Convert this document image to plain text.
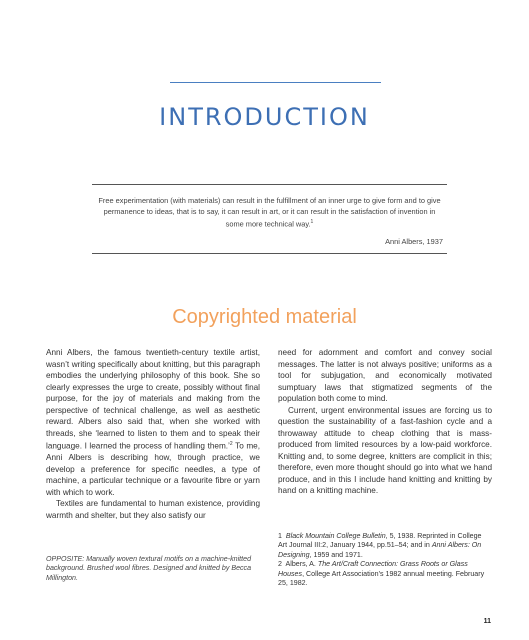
INTRODUCTION
Free experimentation (with materials) can result in the fulfillment of an inner urge to give form and to give permanence to ideas, that is to say, it can result in art, or it can result in the satisfaction of invention in some more technical way.$^1$
Anni Albers, 1937
Copyrighted material

Anni Albers, the famous twentieth-century textile artist, wasn’t writing specifically about knitting, but this paragraph embodies the underlying philosophy of this book. She so clearly expresses the urge to create, possibly without final purpose, for the joy of materials and making from the perspective of technical challenge, as well as aesthetic reward. Albers also said that, when she worked with threads, she ‘learned to listen to them and to speak their language. I learned the process of handling them.’$^2$ To me, Anni Albers is describing how, through practice, we develop a preference for specific needles, a type of machine, a particular technique or a favourite fibre or yarn with which to work.

Textiles are fundamental to human existence, providing warmth and shelter, but they also satisfy our

need for adornment and comfort and convey social messages. The latter is not always positive; uniforms as a tool for subjugation, and economically motivated sumptuary laws that stigmatized segments of the population both come to mind.

Current, urgent environmental issues are forcing us to question the sustainability of a fast-fashion cycle and a throwaway attitude to cheap clothing that is mass-produced from limited resources by a low-paid workforce. Knitting and, to some degree, knitters are complicit in this; therefore, even more thought should go into what we hand produce, and in this I include hand knitting and knitting by hand on a knitting machine.

OPPOSITE: Manually woven textural motifs on a machine-knitted background. Brushed wool fibres. Designed and knitted by Becca Millington.
1 Black Mountain College Bulletin, 5, 1938. Reprinted in College Art Journal III:2, January 1944, pp.51–54; and in Anni Albers: On Designing, 1959 and 1971.
2 Albers, A. The Art/Craft Connection: Grass Roots or Glass Houses, College Art Association’s 1982 annual meeting. February 25, 1982.
11
